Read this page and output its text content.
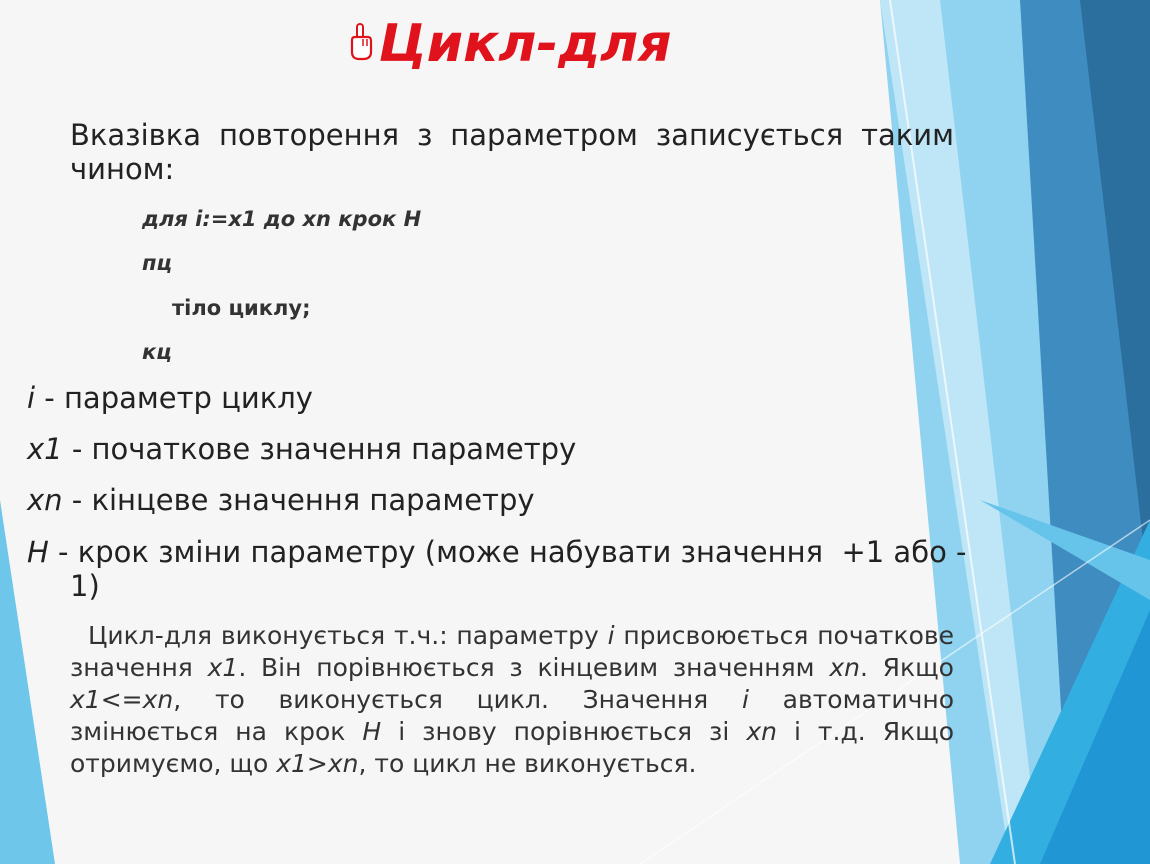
Цикл-для
Вказівка повторення з параметром записується таким чином:
для i:=x1 до xn крок H
пц
тіло циклу;
кц
i - параметр циклу
x1 - початкове значення параметру
xn - кінцеве значення параметру
H - крок зміни параметру (може набувати значення  +1 або -
1)
Цикл-для виконується т.ч.: параметру i присвоюється початкове значення x1. Він порівнюється з кінцевим значенням xn. Якщо x1<=xn, то виконується цикл. Значення i автоматично змінюється на крок H і знову порівнюється зі xn і т.д. Якщо отримуємо, що x1>xn, то цикл не виконується.
